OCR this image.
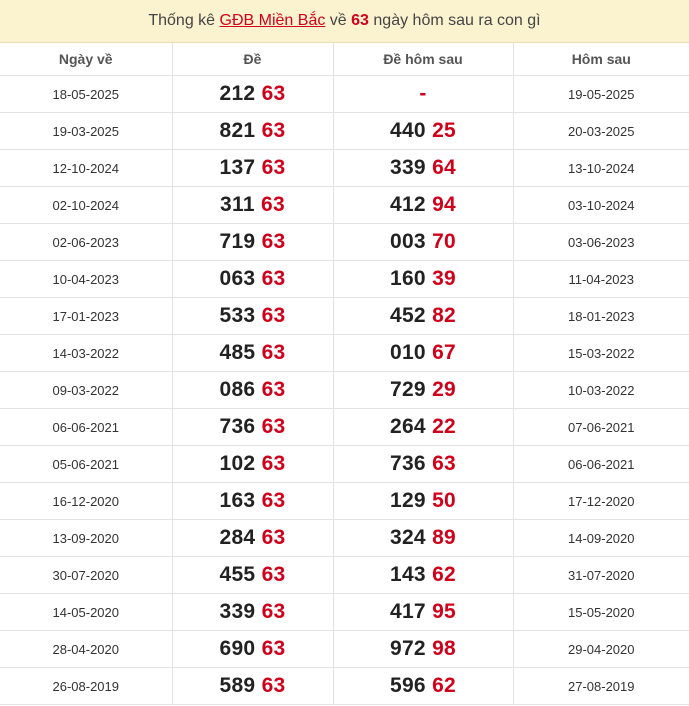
Thống kê GĐB Miền Bắc về 63 ngày hôm sau ra con gì
Ngày về	Đề	Đề hôm sau	Hôm sau
18-05-2025	212 63	-	19-05-2025
19-03-2025	821 63	440 25	20-03-2025
12-10-2024	137 63	339 64	13-10-2024
02-10-2024	311 63	412 94	03-10-2024
02-06-2023	719 63	003 70	03-06-2023
10-04-2023	063 63	160 39	11-04-2023
17-01-2023	533 63	452 82	18-01-2023
14-03-2022	485 63	010 67	15-03-2022
09-03-2022	086 63	729 29	10-03-2022
06-06-2021	736 63	264 22	07-06-2021
05-06-2021	102 63	736 63	06-06-2021
16-12-2020	163 63	129 50	17-12-2020
13-09-2020	284 63	324 89	14-09-2020
30-07-2020	455 63	143 62	31-07-2020
14-05-2020	339 63	417 95	15-05-2020
28-04-2020	690 63	972 98	29-04-2020
26-08-2019	589 63	596 62	27-08-2019
